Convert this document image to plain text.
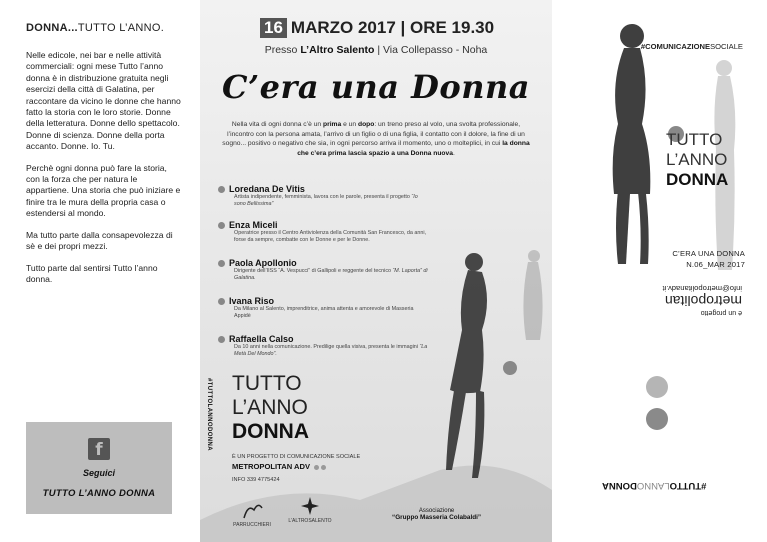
DONNA...TUTTO L’ANNO.

Nelle edicole, nei bar e nelle attività commerciali: ogni mese Tutto l’anno donna è in distribuzione gratuita negli esercizi della città di Galatina, per raccontare da vicino le donne che hanno fatto la storia con le loro storie. Donne della letteratura. Donne dello spettacolo. Donne di scienza. Donne della porta accanto. Donne. Io. Tu.

Perchè ogni donna può fare la storia, con la forza che per natura le appartiene. Una storia che può iniziare e finire tra le mura della propria casa o estendersi al mondo.

Ma tutto parte dalla consapevolezza di sè e dei propri mezzi.

Tutto parte dal sentirsi Tutto l’anno donna.

f
Seguici
TUTTO L’ANNO DONNA
16 MARZO 2017 | ORE 19.30
Presso L’Altro Salento | Via Collepasso - Noha
C’era una Donna
Nella vita di ogni donna c’è un prima e un dopo: un treno preso al volo, una svolta professionale, l’incontro con la persona amata, l’arrivo di un figlio o di una figlia, il contatto con il dolore, la fine di un sogno... positivo o negativo che sia, in ogni percorso arriva il momento, uno o molteplici, in cui la donna che c’era prima lascia spazio a una Donna nuova.
Loredana De Vitis
Artista indipendente, femminista, lavora con le parole, presenta il progetto “Io sono Bellissima”
Enza Miceli
Operatrice presso il Centro Antiviolenza della Comunità San Francesco, da anni, forse da sempre, combatte con le Donne e per le Donne.
Paola Apollonio
Dirigente dell’IISS “A. Vespucci” di Gallipoli e reggente del tecnico “M. Laporta” di Galatina.
Ivana Riso
Da Milano al Salento, imprenditrice, anima attenta e amorevole di Masseria Appidè
Raffaella Calso
Da 10 anni nella comunicazione. Predilige quella visiva, presenta le immagini “La Metà Del Mondo”.
#TUTTOLANNODONNA TUTTO
L’ANNO
DONNA
È UN PROGETTO DI COMUNICAZIONE SOCIALE
METROPOLITAN ADV
INFO 339 4775424
PARRUCCHIERI
L’ALTROSALENTO
Associazione
“Gruppo Masseria Colabaldi”
#COMUNICAZIONESOCIALE
TUTTO
L’ANNO
DONNA
C’ERA UNA DONNA
N.06_MAR 2017
è un progetto
metropolitan
info@metropolitanadv.it
#TUTTOLANNODONNA
